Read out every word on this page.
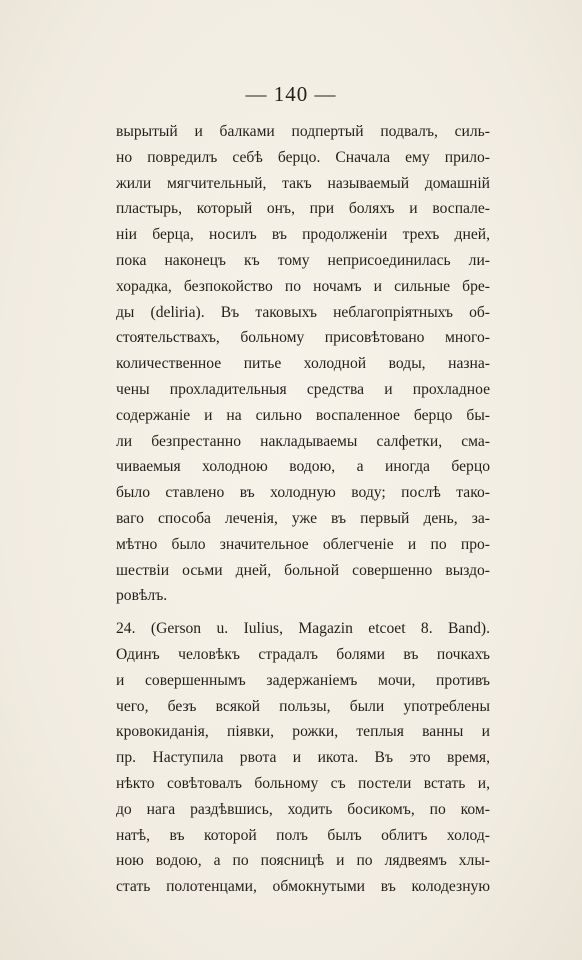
— 140 —
вырытый и балками подпертый подвалъ, силь-
но повредилъ себѣ берцо. Сначала ему прило-
жили мягчительный, такъ называемый домашній
пластырь, который онъ, при боляхъ и воспале-
ніи берца, носилъ въ продолженіи трехъ дней,
пока наконецъ къ тому неприсоединилась ли-
хорадка, безпокойство по ночамъ и сильные бре-
ды (deliria). Въ таковыхъ неблагопріятныхъ об-
стоятельствахъ, больному присовѣтовано много-
количественное питье холодной воды, назна-
чены прохладительныя средства и прохладное
содержаніе и на сильно воспаленное берцо бы-
ли безпрестанно накладываемы салфетки, сма-
чиваемыя холодною водою, а иногда берцо
было ставлено въ холодную воду; послѣ тако-
ваго способа леченія, уже въ первый день, за-
мѣтно было значительное облегченіе и по про-
шествіи осьми дней, больной совершенно выздо-
ровѣлъ.
24. (Gerson u. Iulius, Magazin etcoet 8. Band).
Одинъ человѣкъ страдалъ болями въ почкахъ
и совершеннымъ задержаніемъ мочи, противъ
чего, безъ всякой пользы, были употреблены
кровокиданія, піявки, рожки, теплыя ванны и
пр. Наступила рвота и икота. Въ это время,
нѣкто совѣтовалъ больному съ постели встать и,
до нага раздѣвшись, ходить босикомъ, по ком-
натѣ, въ которой полъ былъ облитъ холод-
ною водою, а по поясницѣ и по лядвеямъ хлы-
стать полотенцами, обмокнутыми въ колодезную
